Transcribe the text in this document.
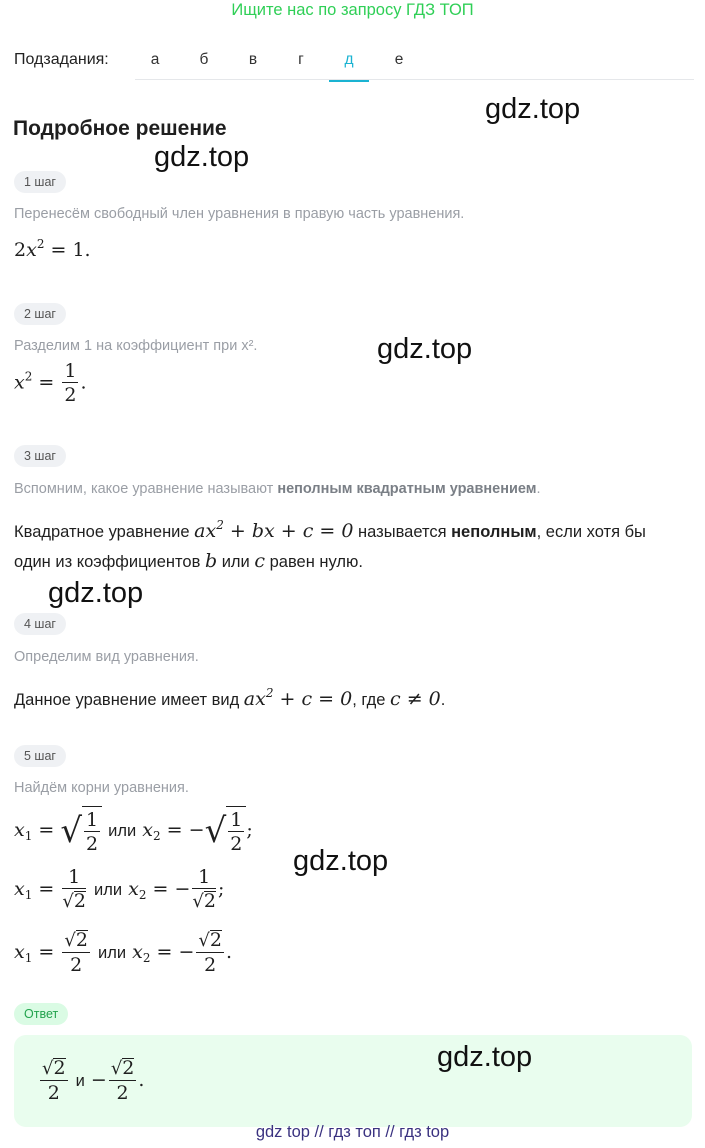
Ищите нас по запросу ГДЗ ТОП
Подзадания:	а	б	в	г	д	е
Подробное решение
1 шаг
Перенесём свободный член уравнения в правую часть уравнения.
$2x^2 = 1$.
2 шаг
Разделим 1 на коэффициент при x².
$x^2 = \frac{1}{2}$ .
3 шаг
Вспомним, какое уравнение называют неполным квадратным уравнением.
Квадратное уравнение $ax^2$ + bx + c = 0 называется неполным, если хотя бы
один из коэффициентов b или c равен нулю.
4 шаг
Определим вид уравнения.
Данное уравнение имеет вид $ax^2 + c = 0$, где c ≠ 0.
5 шаг
Найдём корни уравнения.
$x_1$ = √ $\frac{1}{2}$ или $x_2$ = −√ $\frac{1}{2}$ ;
$x_1 = \frac{1}{√2}$ или $x_2$ = − $\frac{1}{√2}$ ;
$x_1 = \frac{√2}{2}$ или $x_2$ = − $\frac{√2}{2}$ .
Ответ
$\frac{√2}{2}$ $и - \frac{√2}{2}$ .
gdz.top
gdz.top
gdz.top
gdz.top
gdz.top
gdz.top
gdz top // гдз топ // гдз top
